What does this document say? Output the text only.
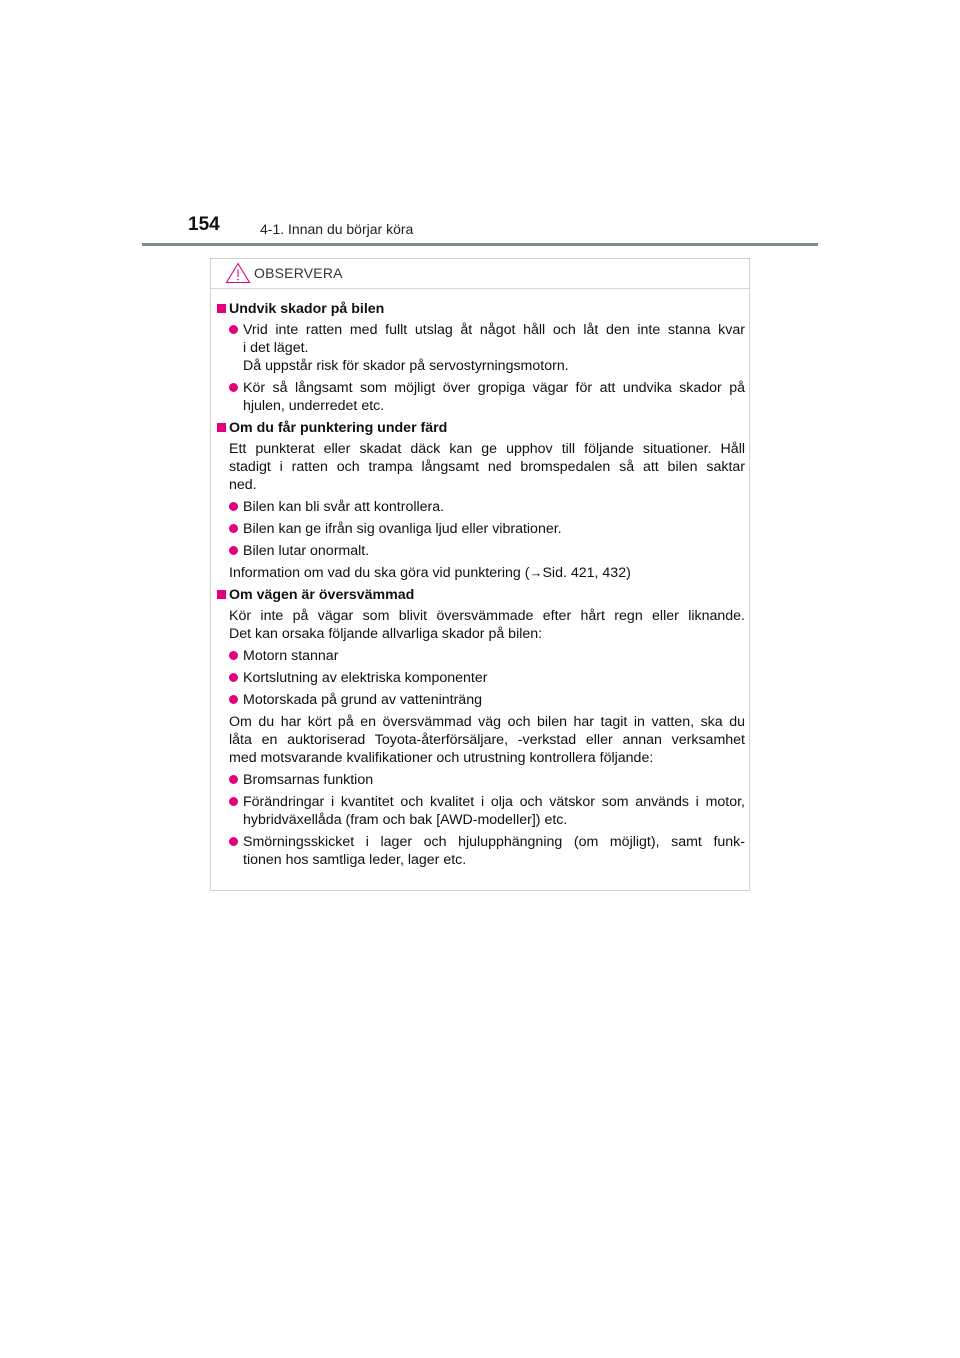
154	4-1. Innan du börjar köra
OBSERVERA
Undvik skador på bilen
Vrid inte ratten med fullt utslag åt något håll och låt den inte stanna kvar
i det läget.
Då uppstår risk för skador på servostyrningsmotorn.
Kör så långsamt som möjligt över gropiga vägar för att undvika skador på
hjulen, underredet etc.
Om du får punktering under färd
Ett punkterat eller skadat däck kan ge upphov till följande situationer. Håll
stadigt i ratten och trampa långsamt ned bromspedalen så att bilen saktar
ned.
Bilen kan bli svår att kontrollera.
Bilen kan ge ifrån sig ovanliga ljud eller vibrationer.
Bilen lutar onormalt.
Information om vad du ska göra vid punktering (→Sid. 421, 432)
Om vägen är översvämmad
Kör inte på vägar som blivit översvämmade efter hårt regn eller liknande.
Det kan orsaka följande allvarliga skador på bilen:
Motorn stannar
Kortslutning av elektriska komponenter
Motorskada på grund av vatteninträng
Om du har kört på en översvämmad väg och bilen har tagit in vatten, ska du
låta en auktoriserad Toyota-återförsäljare, -verkstad eller annan verksamhet
med motsvarande kvalifikationer och utrustning kontrollera följande:
Bromsarnas funktion
Förändringar i kvantitet och kvalitet i olja och vätskor som används i motor,
hybridväxellåda (fram och bak [AWD-modeller]) etc.
Smörningsskicket i lager och hjulupphängning (om möjligt), samt funk-
tionen hos samtliga leder, lager etc.
